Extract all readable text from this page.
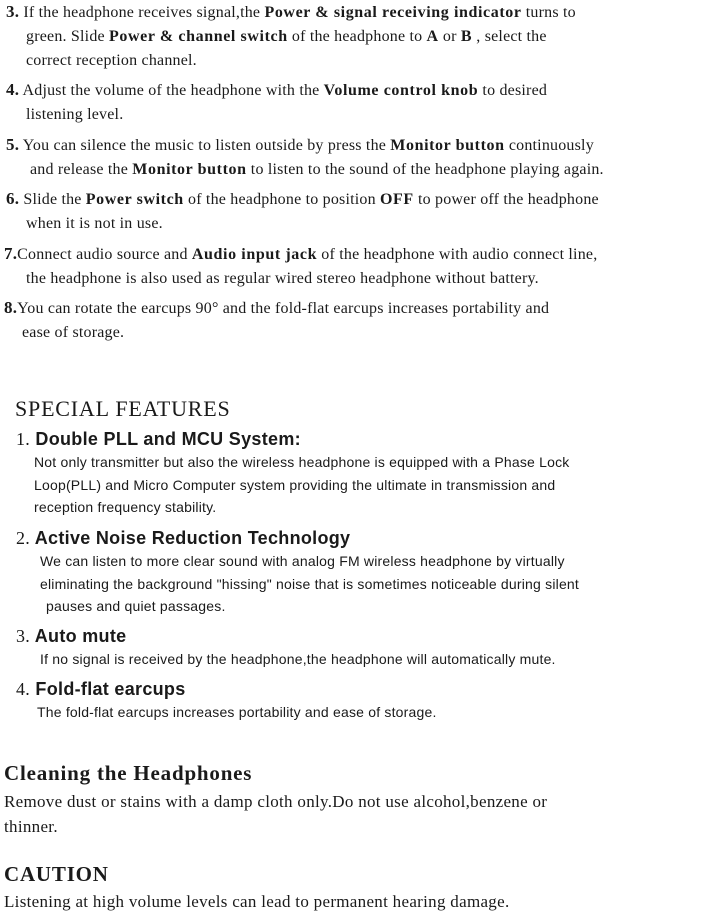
3. If the headphone receives signal,the Power & signal receiving indicator turns to
green. Slide Power & channel switch of the headphone to A or B , select the
correct reception channel.
4. Adjust the volume of the headphone with the Volume control knob to desired
listening level.
5. You can silence the music to listen outside by press the Monitor button continuously
and release the Monitor button to listen to the sound of the headphone playing again.
6. Slide the Power switch of the headphone to position OFF to power off the headphone
when it is not in use.
7.Connect audio source and Audio input jack of the headphone with audio connect line,
the headphone is also used as regular wired stereo headphone without battery.
8.You can rotate the earcups 90° and the fold-flat earcups increases portability and
ease of storage.
SPECIAL FEATURES
1. Double PLL and MCU System:
Not only transmitter but also the wireless headphone is equipped with a Phase Lock
Loop(PLL) and Micro Computer system providing the ultimate in transmission and
reception frequency stability.
2. Active Noise Reduction Technology
We can listen to more clear sound with analog FM wireless headphone by virtually
eliminating the background "hissing" noise that is sometimes noticeable during silent
pauses and quiet passages.
3. Auto mute
If no signal is received by the headphone,the headphone will automatically mute.
4. Fold-flat earcups
The fold-flat earcups increases portability and ease of storage.
Cleaning the Headphones

Remove dust or stains with a damp cloth only.Do not use alcohol,benzene or
thinner.

CAUTION

Listening at high volume levels can lead to permanent hearing damage.
